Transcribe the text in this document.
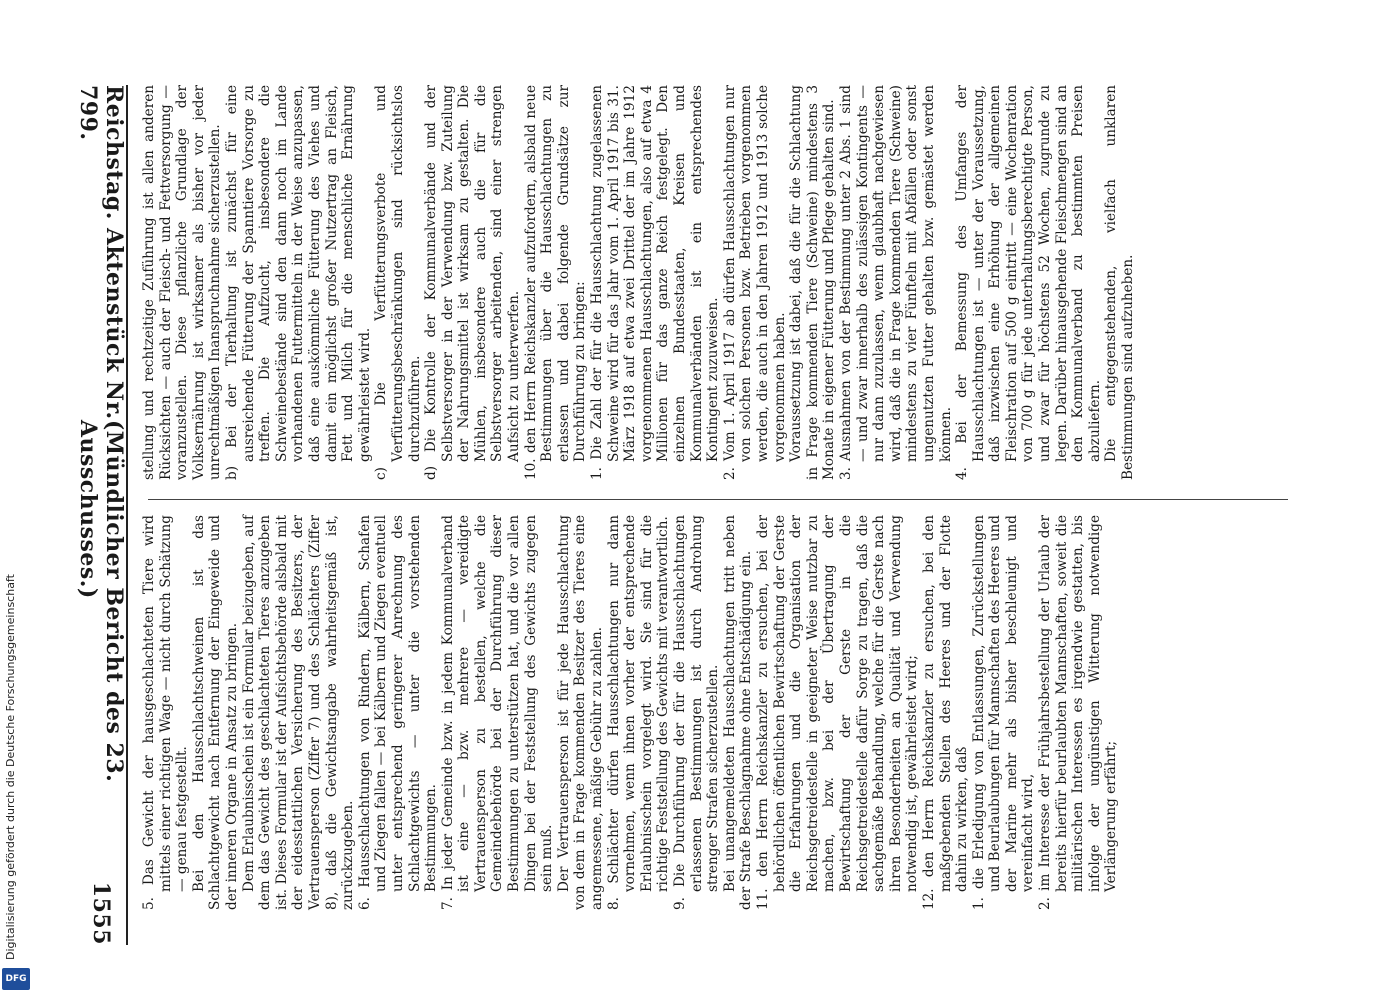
Reichstag. Aktenstück Nr. 799.
(Mündlicher Bericht des 23. Ausschusses.)
1555

stellung und rechtzeitige Zuführung ist allen anderen Rücksichten — auch der Fleisch- und Fettversorgung — voranzustellen. Diese pflanzliche Grundlage der Volksernährung ist wirksamer als bisher vor jeder unrechtmäßigen Inanspruchnahme sicherzustellen. b) Bei der Tierhaltung ist zunächst für eine ausreichende Fütterung der Spanntiere Vorsorge zu treffen. Die Aufzucht, insbesondere die Schweinebestände sind den dann noch im Lande vorhandenen Futtermitteln in der Weise anzupassen, daß eine auskömmliche Fütterung des Viehes und damit ein möglichst großer Nutzertrag an Fleisch, Fett und Milch für die menschliche Ernährung gewährleistet wird. c) Die Verfütterungsverbote und Verfütterungsbeschränkungen sind rücksichtslos durchzuführen. d) Die Kontrolle der Kommunalverbände und der Selbstversorger in der Verwendung bzw. Zuteilung der Nahrungsmittel ist wirksam zu gestalten. Die Mühlen, insbesondere auch die für die Selbstversorger arbeitenden, sind einer strengen Aufsicht zu unterwerfen. 10. den Herrn Reichskanzler aufzufordern, alsbald neue Bestimmungen über die Hausschlachtungen zu erlassen und dabei folgende Grundsätze zur Durchführung zu bringen: 1. Die Zahl der für die Hausschlachtung zugelassenen Schweine wird für das Jahr vom 1. April 1917 bis 31. März 1918 auf etwa zwei Drittel der im Jahre 1912 vorgenommenen Hausschlachtungen, also auf etwa 4 Millionen für das ganze Reich festgelegt. Den einzelnen Bundesstaaten, Kreisen und Kommunalverbänden ist ein entsprechendes Kontingent zuzuweisen. 2. Vom 1. April 1917 ab dürfen Hausschlachtungen nur von solchen Personen bzw. Betrieben vorgenommen werden, die auch in den Jahren 1912 und 1913 solche vorgenommen haben. Voraussetzung ist dabei, daß die für die Schlachtung in Frage kommenden Tiere (Schweine) mindestens 3 Monate in eigener Fütterung und Pflege gehalten sind. 3. Ausnahmen von der Bestimmung unter 2 Abs. 1 sind — und zwar innerhalb des zulässigen Kontingents — nur dann zuzulassen, wenn glaubhaft nachgewiesen wird, daß die in Frage kommenden Tiere (Schweine) mindestens zu vier Fünfteln mit Abfällen oder sonst ungenutzten Futter gehalten bzw. gemästet werden können. 4. Bei der Bemessung des Umfanges der Hausschlachtungen ist — unter der Voraussetzung, daß inzwischen eine Erhöhung der allgemeinen Fleischration auf 500 g eintritt — eine Wochenration von 700 g für jede unterhaltungsberechtigte Person, und zwar für höchstens 52 Wochen, zugrunde zu legen. Darüber hinausgehende Fleischmengen sind an den Kommunalverband zu bestimmten Preisen abzuliefern. Die entgegenstehenden, vielfach unklaren Bestimmungen sind aufzuheben.

5. Das Gewicht der hausgeschlachteten Tiere wird mittels einer richtigen Wage — nicht durch Schätzung — genau festgestellt. Bei den Hausschlachtschweinen ist das Schlachtgewicht nach Entfernung der Eingeweide und der inneren Organe in Ansatz zu bringen. Dem Erlaubnisschein ist ein Formular beizugeben, auf dem das Gewicht des geschlachteten Tieres anzugeben ist. Dieses Formular ist der Aufsichtsbehörde alsbald mit der eidesstattlichen Versicherung des Besitzers, der Vertrauensperson (Ziffer 7) und des Schlächters (Ziffer 8), daß die Gewichtsangabe wahrheitsgemäß ist, zurückzugeben. 6. Hausschlachtungen von Rindern, Kälbern, Schafen und Ziegen fallen — bei Kälbern und Ziegen eventuell unter entsprechend geringerer Anrechnung des Schlachtgewichts — unter die vorstehenden Bestimmungen. 7. In jeder Gemeinde bzw. in jedem Kommunalverband ist eine — bzw. mehrere — vereidigte Vertrauensperson zu bestellen, welche die Gemeindebehörde bei der Durchführung dieser Bestimmungen zu unterstützen hat, und die vor allen Dingen bei der Feststellung des Gewichts zugegen sein muß. Der Vertrauensperson ist für jede Hausschlachtung von dem in Frage kommenden Besitzer des Tieres eine angemessene, mäßige Gebühr zu zahlen. 8. Schlächter dürfen Hausschlachtungen nur dann vornehmen, wenn ihnen vorher der entsprechende Erlaubnisschein vorgelegt wird. Sie sind für die richtige Feststellung des Gewichts mit verantwortlich. 9. Die Durchführung der für die Hausschlachtungen erlassenen Bestimmungen ist durch Androhung strenger Strafen sicherzustellen. Bei unangemeldeten Hausschlachtungen tritt neben der Strafe Beschlagnahme ohne Entschädigung ein. 11. den Herrn Reichskanzler zu ersuchen, bei der behördlichen öffentlichen Bewirtschaftung der Gerste die Erfahrungen und die Organisation der Reichsgetreidestelle in geeigneter Weise nutzbar zu machen, bzw. bei der Übertragung der Bewirtschaftung der Gerste in die Reichsgetreidestelle dafür Sorge zu tragen, daß die sachgemäße Behandlung, welche für die Gerste nach ihren Besonderheiten an Qualität und Verwendung notwendig ist, gewährleistet wird; 12. den Herrn Reichskanzler zu ersuchen, bei den maßgebenden Stellen des Heeres und der Flotte dahin zu wirken, daß 1. die Erledigung von Entlassungen, Zurückstellungen und Beurlaubungen für Mannschaften des Heeres und der Marine mehr als bisher beschleunigt und vereinfacht wird, 2. im Interesse der Frühjahrsbestellung der Urlaub der bereits hierfür beurlaubten Mannschaften, soweit die militärischen Interessen es irgendwie gestatten, bis infolge der ungünstigen Witterung notwendige Verlängerung erfährt;

Digitalisierung gefördert durch die Deutsche Forschungsgemeinschaft
DFG
